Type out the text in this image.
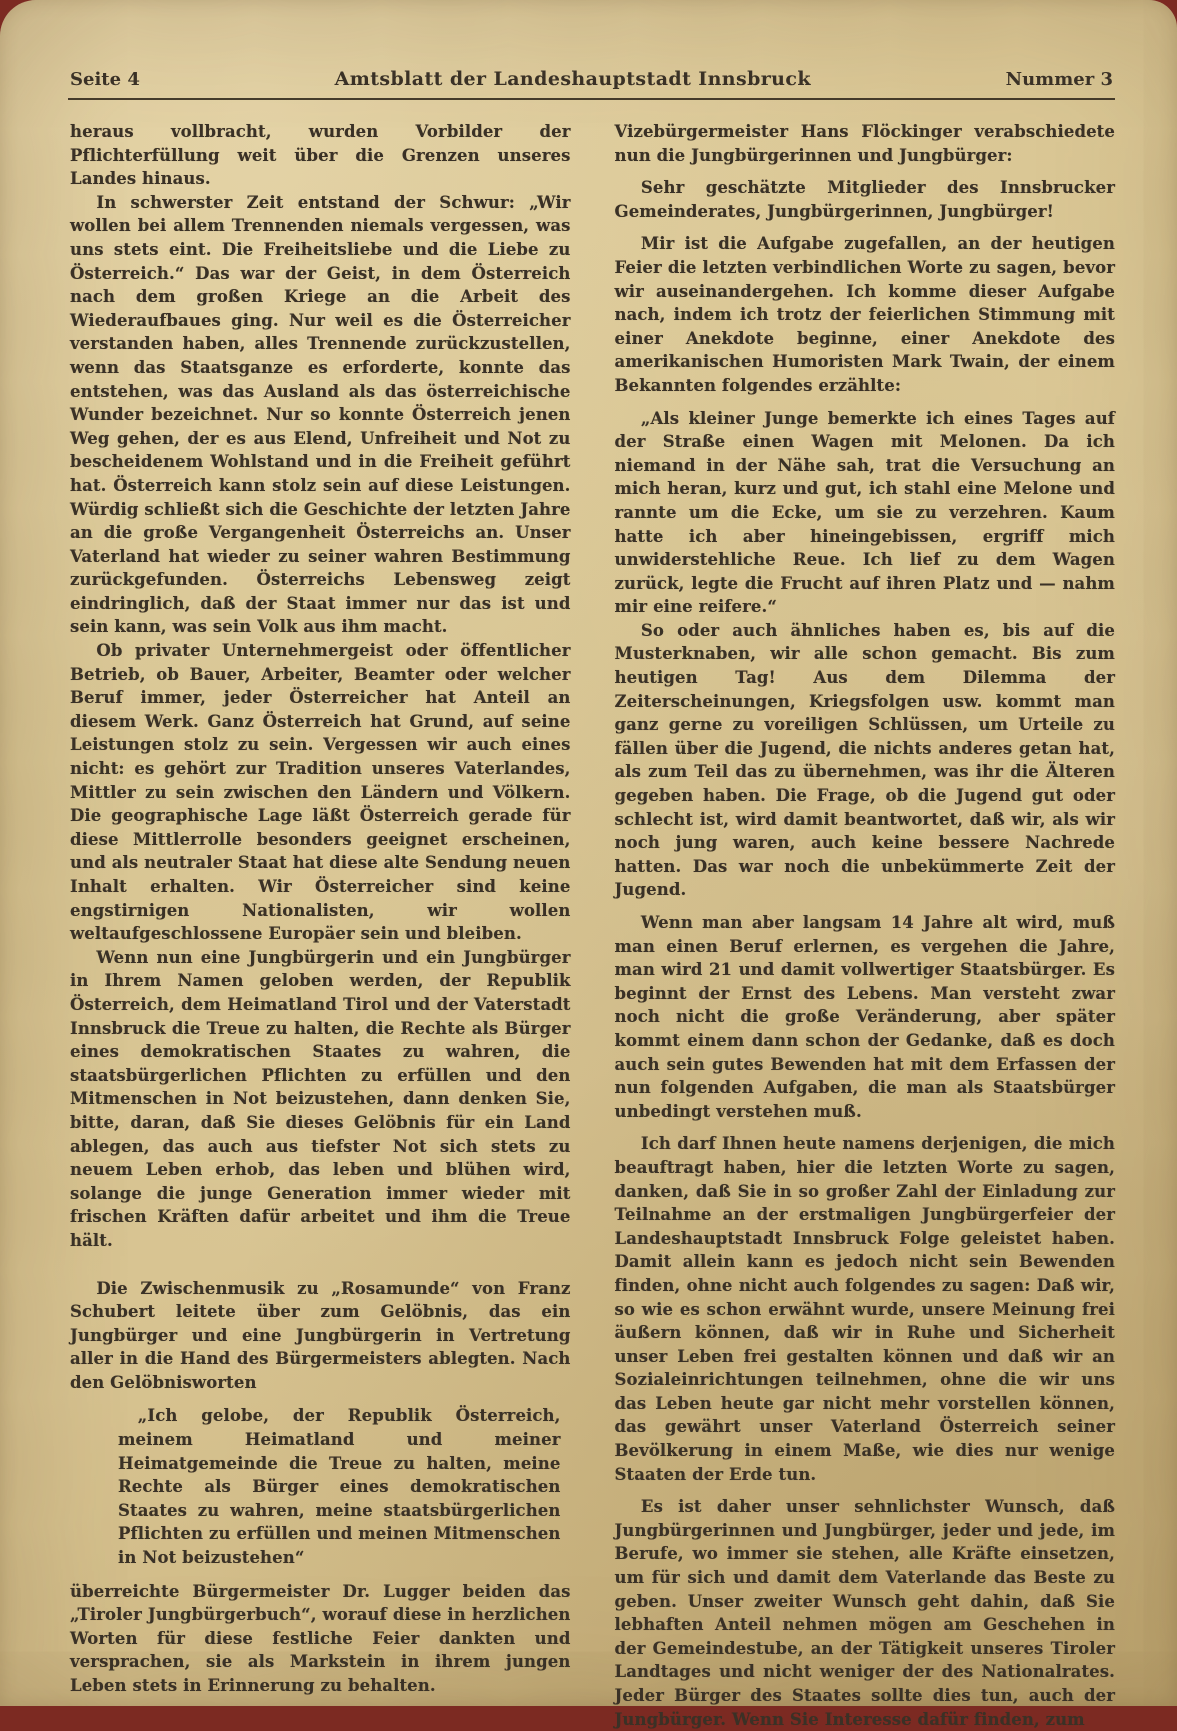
Seite 4	Amtsblatt der Landeshauptstadt Innsbruck	Nummer 3

heraus vollbracht, wurden Vorbilder der Pflichterfüllung weit über die Grenzen unseres Landes hinaus.

In schwerster Zeit entstand der Schwur: „Wir wollen bei allem Trennenden niemals vergessen, was uns stets eint. Die Freiheitsliebe und die Liebe zu Österreich.“ Das war der Geist, in dem Österreich nach dem großen Kriege an die Arbeit des Wiederaufbaues ging. Nur weil es die Österreicher verstanden haben, alles Trennende zurückzustellen, wenn das Staatsganze es erforderte, konnte das entstehen, was das Ausland als das österreichische Wunder bezeichnet. Nur so konnte Österreich jenen Weg gehen, der es aus Elend, Unfreiheit und Not zu bescheidenem Wohlstand und in die Freiheit geführt hat. Österreich kann stolz sein auf diese Leistungen. Würdig schließt sich die Geschichte der letzten Jahre an die große Vergangenheit Österreichs an. Unser Vaterland hat wieder zu seiner wahren Bestimmung zurückgefunden. Österreichs Lebensweg zeigt eindringlich, daß der Staat immer nur das ist und sein kann, was sein Volk aus ihm macht.

Ob privater Unternehmergeist oder öffentlicher Betrieb, ob Bauer, Arbeiter, Beamter oder welcher Beruf immer, jeder Österreicher hat Anteil an diesem Werk. Ganz Österreich hat Grund, auf seine Leistungen stolz zu sein. Vergessen wir auch eines nicht: es gehört zur Tradition unseres Vaterlandes, Mittler zu sein zwischen den Ländern und Völkern. Die geographische Lage läßt Österreich gerade für diese Mittlerrolle besonders geeignet erscheinen, und als neutraler Staat hat diese alte Sendung neuen Inhalt erhalten. Wir Österreicher sind keine engstirnigen Nationalisten, wir wollen weltaufgeschlossene Europäer sein und bleiben.

Wenn nun eine Jungbürgerin und ein Jungbürger in Ihrem Namen geloben werden, der Republik Österreich, dem Heimatland Tirol und der Vaterstadt Innsbruck die Treue zu halten, die Rechte als Bürger eines demokratischen Staates zu wahren, die staatsbürgerlichen Pflichten zu erfüllen und den Mitmenschen in Not beizustehen, dann denken Sie, bitte, daran, daß Sie dieses Gelöbnis für ein Land ablegen, das auch aus tiefster Not sich stets zu neuem Leben erhob, das leben und blühen wird, solange die junge Generation immer wieder mit frischen Kräften dafür arbeitet und ihm die Treue hält.

Die Zwischenmusik zu „Rosamunde“ von Franz Schubert leitete über zum Gelöbnis, das ein Jungbürger und eine Jungbürgerin in Vertretung aller in die Hand des Bürgermeisters ablegten. Nach den Gelöbnisworten

„Ich gelobe, der Republik Österreich, meinem Heimatland und meiner Heimatgemeinde die Treue zu halten, meine Rechte als Bürger eines demokratischen Staates zu wahren, meine staatsbürgerlichen Pflichten zu erfüllen und meinen Mitmenschen in Not beizustehen“

überreichte Bürgermeister Dr. Lugger beiden das „Tiroler Jungbürgerbuch“, worauf diese in herzlichen Worten für diese festliche Feier dankten und versprachen, sie als Markstein in ihrem jungen Leben stets in Erinnerung zu behalten.

Vizebürgermeister Hans Flöckinger verabschiedete nun die Jungbürgerinnen und Jungbürger:

Sehr geschätzte Mitglieder des Innsbrucker Gemeinderates, Jungbürgerinnen, Jungbürger!

Mir ist die Aufgabe zugefallen, an der heutigen Feier die letzten verbindlichen Worte zu sagen, bevor wir auseinandergehen. Ich komme dieser Aufgabe nach, indem ich trotz der feierlichen Stimmung mit einer Anekdote beginne, einer Anekdote des amerikanischen Humoristen Mark Twain, der einem Bekannten folgendes erzählte:

„Als kleiner Junge bemerkte ich eines Tages auf der Straße einen Wagen mit Melonen. Da ich niemand in der Nähe sah, trat die Versuchung an mich heran, kurz und gut, ich stahl eine Melone und rannte um die Ecke, um sie zu verzehren. Kaum hatte ich aber hineingebissen, ergriff mich unwiderstehliche Reue. Ich lief zu dem Wagen zurück, legte die Frucht auf ihren Platz und — nahm mir eine reifere.“

So oder auch ähnliches haben es, bis auf die Musterknaben, wir alle schon gemacht. Bis zum heutigen Tag! Aus dem Dilemma der Zeiterscheinungen, Kriegsfolgen usw. kommt man ganz gerne zu voreiligen Schlüssen, um Urteile zu fällen über die Jugend, die nichts anderes getan hat, als zum Teil das zu übernehmen, was ihr die Älteren gegeben haben. Die Frage, ob die Jugend gut oder schlecht ist, wird damit beantwortet, daß wir, als wir noch jung waren, auch keine bessere Nachrede hatten. Das war noch die unbekümmerte Zeit der Jugend.

Wenn man aber langsam 14 Jahre alt wird, muß man einen Beruf erlernen, es vergehen die Jahre, man wird 21 und damit vollwertiger Staatsbürger. Es beginnt der Ernst des Lebens. Man versteht zwar noch nicht die große Veränderung, aber später kommt einem dann schon der Gedanke, daß es doch auch sein gutes Bewenden hat mit dem Erfassen der nun folgenden Aufgaben, die man als Staatsbürger unbedingt verstehen muß.

Ich darf Ihnen heute namens derjenigen, die mich beauftragt haben, hier die letzten Worte zu sagen, danken, daß Sie in so großer Zahl der Einladung zur Teilnahme an der erstmaligen Jungbürgerfeier der Landeshauptstadt Innsbruck Folge geleistet haben. Damit allein kann es jedoch nicht sein Bewenden finden, ohne nicht auch folgendes zu sagen: Daß wir, so wie es schon erwähnt wurde, unsere Meinung frei äußern können, daß wir in Ruhe und Sicherheit unser Leben frei gestalten können und daß wir an Sozialeinrichtungen teilnehmen, ohne die wir uns das Leben heute gar nicht mehr vorstellen können, das gewährt unser Vaterland Österreich seiner Bevölkerung in einem Maße, wie dies nur wenige Staaten der Erde tun.

Es ist daher unser sehnlichster Wunsch, daß Jungbürgerinnen und Jungbürger, jeder und jede, im Berufe, wo immer sie stehen, alle Kräfte einsetzen, um für sich und damit dem Vaterlande das Beste zu geben. Unser zweiter Wunsch geht dahin, daß Sie lebhaften Anteil nehmen mögen am Geschehen in der Gemeindestube, an der Tätigkeit unseres Tiroler Landtages und nicht weniger der des Nationalrates. Jeder Bürger des Staates sollte dies tun, auch der Jungbürger. Wenn Sie Interesse dafür finden, zum
